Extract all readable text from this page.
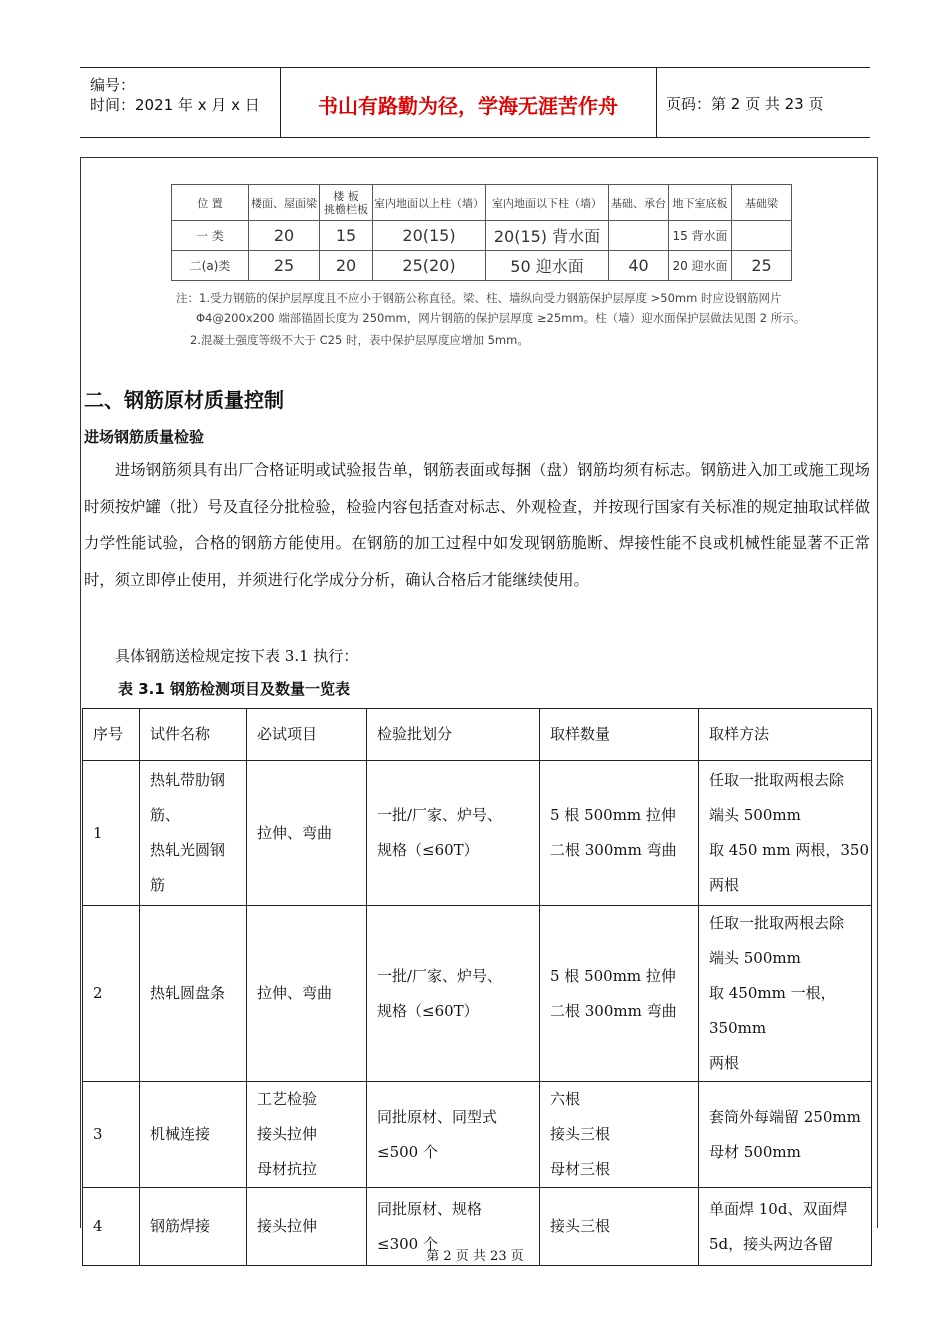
编号：
时间：2021 年 x 月 x 日	书山有路勤为径，学海无涯苦作舟	页码：第 2 页 共 23 页
位 置	楼面、屋面梁	楼 板
挑檐栏板	室内地面以上柱（墙）	室内地面以下柱（墙）	基础、承台	地下室底板	基础梁
一 类	20	15	20(15)	20(15) 背水面		15 背水面	
二(a)类	25	20	25(20)	50 迎水面	40	20 迎水面	25
注：1.受力钢筋的保护层厚度且不应小于钢筋公称直径。梁、柱、墙纵向受力钢筋保护层厚度 >50mm 时应设钢筋网片
Φ4@200x200 端部锚固长度为 250mm，网片钢筋的保护层厚度 ≥25mm。柱（墙）迎水面保护层做法见图 2 所示。
2.混凝土强度等级不大于 C25 时，表中保护层厚度应增加 5mm。
二、钢筋原材质量控制
进场钢筋质量检验
进场钢筋须具有出厂合格证明或试验报告单，钢筋表面或每捆（盘）钢筋均须有标志。钢筋进入加工或施工现场时须按炉罐（批）号及直径分批检验，检验内容包括查对标志、外观检查，并按现行国家有关标准的规定抽取试样做力学性能试验，合格的钢筋方能使用。在钢筋的加工过程中如发现钢筋脆断、焊接性能不良或机械性能显著不正常时，须立即停止使用，并须进行化学成分分析，确认合格后才能继续使用。
具体钢筋送检规定按下表 3.1 执行：
表 3.1 钢筋检测项目及数量一览表
序号	试件名称	必试项目	检验批划分	取样数量	取样方法
1	热轧带肋钢
筋、
热轧光圆钢
筋	拉伸、弯曲	一批/厂家、炉号、
规格（≤60T）	5 根 500mm 拉伸
二根 300mm 弯曲	任取一批取两根去除
端头 500mm
取 450 mm 两根，350
两根
2	热轧圆盘条	拉伸、弯曲	一批/厂家、炉号、
规格（≤60T）	5 根 500mm 拉伸
二根 300mm 弯曲	任取一批取两根去除
端头 500mm
取 450mm 一根，350mm
两根
3	机械连接	工艺检验
接头拉伸
母材抗拉	同批原材、同型式
≤500 个	六根
接头三根
母材三根	套筒外每端留 250mm
母材 500mm
4	钢筋焊接	接头拉伸	同批原材、规格
≤300 个	接头三根	单面焊 10d、双面焊
5d，接头两边各留
第 2 页 共 23 页
